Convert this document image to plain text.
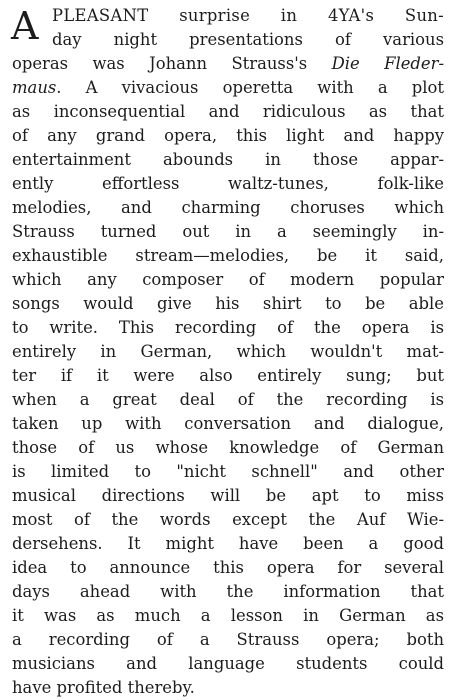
A PLEASANT surprise in 4YA's Sun-
day night presentations of various
operas was Johann Strauss's Die Fleder-
maus. A vivacious operetta with a plot
as inconsequential and ridiculous as that
of any grand opera, this light and happy
entertainment abounds in those appar-
ently effortless waltz-tunes, folk-like
melodies, and charming choruses which
Strauss turned out in a seemingly in-
exhaustible stream—melodies, be it said,
which any composer of modern popular
songs would give his shirt to be able
to write. This recording of the opera is
entirely in German, which wouldn't mat-
ter if it were also entirely sung; but
when a great deal of the recording is
taken up with conversation and dialogue,
those of us whose knowledge of German
is limited to "nicht schnell" and other
musical directions will be apt to miss
most of the words except the Auf Wie-
dersehens. It might have been a good
idea to announce this opera for several
days ahead with the information that
it was as much a lesson in German as
a recording of a Strauss opera; both
musicians and language students could
have profited thereby.
